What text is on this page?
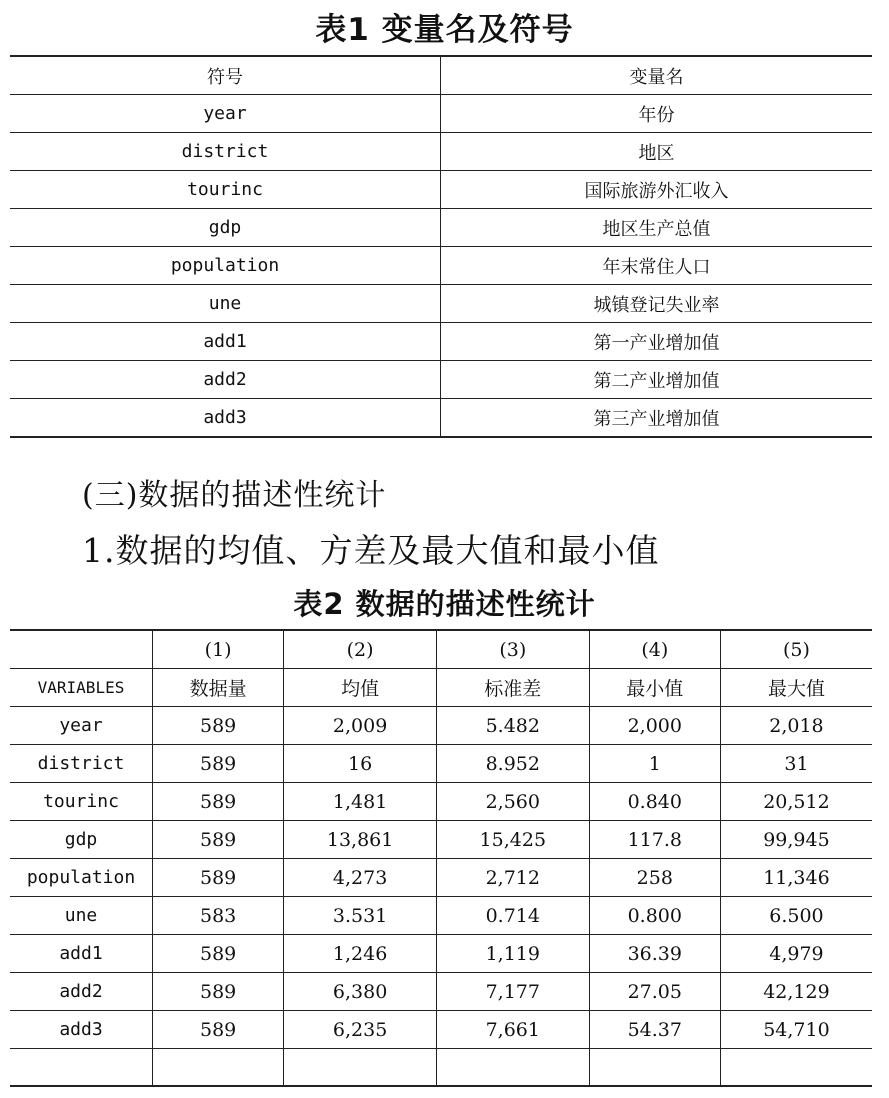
表1 变量名及符号
符号	变量名
year	年份
district	地区
tourinc	国际旅游外汇收入
gdp	地区生产总值
population	年末常住人口
une	城镇登记失业率
add1	第一产业增加值
add2	第二产业增加值
add3	第三产业增加值
(三)数据的描述性统计
1.数据的均值、方差及最大值和最小值
表2 数据的描述性统计
	(1)	(2)	(3)	(4)	(5)
VARIABLES	数据量	均值	标准差	最小值	最大值
year	589	2,009	5.482	2,000	2,018
district	589	16	8.952	1	31
tourinc	589	1,481	2,560	0.840	20,512
gdp	589	13,861	15,425	117.8	99,945
population	589	4,273	2,712	258	11,346
une	583	3.531	0.714	0.800	6.500
add1	589	1,246	1,119	36.39	4,979
add2	589	6,380	7,177	27.05	42,129
add3	589	6,235	7,661	54.37	54,710
